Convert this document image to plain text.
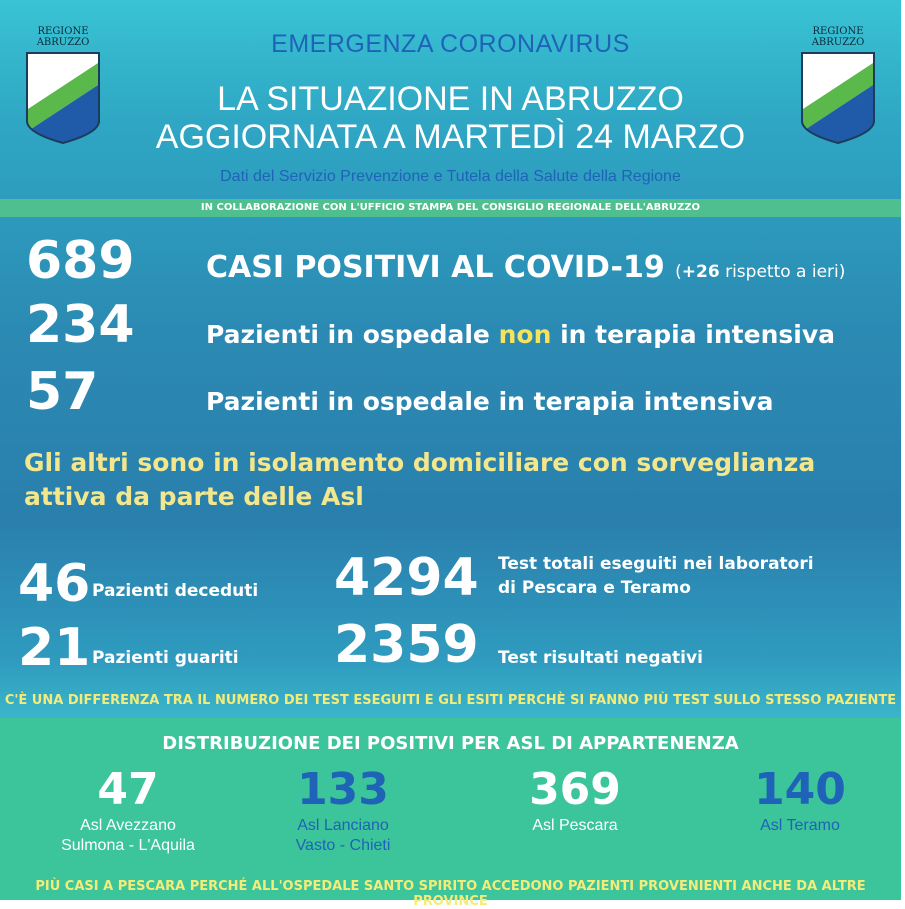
REGIONE
ABRUZZO
REGIONE
ABRUZZO
EMERGENZA CORONAVIRUS
LA SITUAZIONE IN ABRUZZO
AGGIORNATA A MARTEDÌ 24 MARZO
Dati del Servizio Prevenzione e Tutela della Salute della Regione
IN COLLABORAZIONE CON L'UFFICIO STAMPA DEL CONSIGLIO REGIONALE DELL'ABRUZZO
689 CASI POSITIVI AL COVID-19 (+26 rispetto a ieri)
234	Pazienti in ospedale non in terapia intensiva
57	Pazienti in ospedale in terapia intensiva
Gli altri sono in isolamento domiciliare con sorveglianza attiva da parte delle Asl
46 Pazienti deceduti
21 Pazienti guariti
4294 Test totali eseguiti nei laboratori
di Pescara e Teramo
2359 Test risultati negativi
C'È UNA DIFFERENZA TRA IL NUMERO DEI TEST ESEGUITI E GLI ESITI PERCHÈ SI FANNO PIÙ TEST SULLO STESSO PAZIENTE
DISTRIBUZIONE DEI POSITIVI PER ASL DI APPARTENENZA
47
Asl Avezzano
Sulmona - L'Aquila
133
Asl Lanciano
Vasto - Chieti
369
Asl Pescara
140
Asl Teramo
PIÙ CASI A PESCARA PERCHÉ ALL'OSPEDALE SANTO SPIRITO ACCEDONO PAZIENTI PROVENIENTI ANCHE DA ALTRE PROVINCE
